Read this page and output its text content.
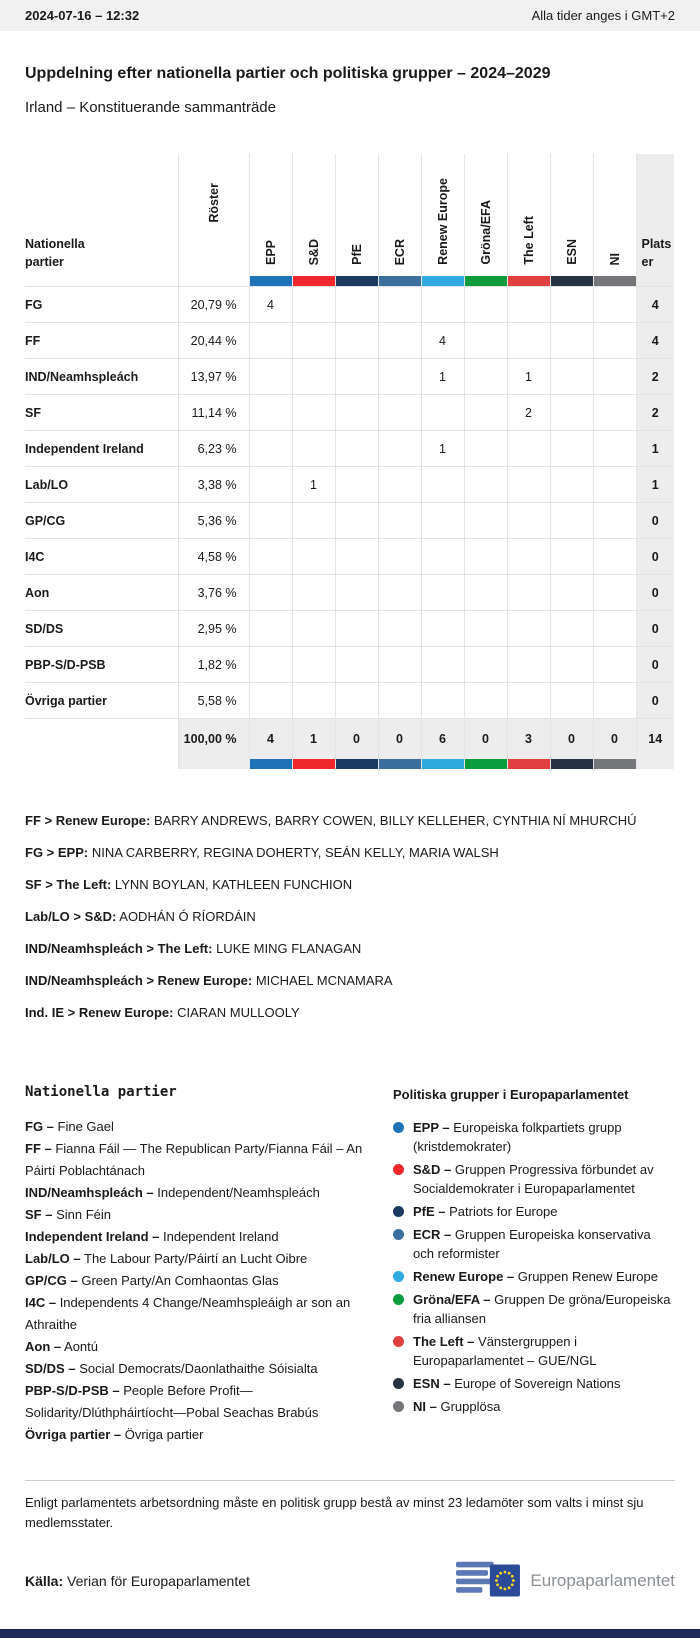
2024-07-16 – 12:32	Alla tider anges i GMT+2
Uppdelning efter nationella partier och politiska grupper – 2024–2029
Irland – Konstituerande sammanträde
Nationella partier	Röster	EPP	S&D	PfE	ECR	Renew Europe	Gröna/EFA	The Left	ESN	NI	Platser

FG	20,79 %	4									4
FF	20,44 %					4					4
IND/Neamhspleách	13,97 %					1		1			2
SF	11,14 %							2			2
Independent Ireland	6,23 %					1					1
Lab/LO	3,38 %		1								1
GP/CG	5,36 %										0
I4C	4,58 %										0
Aon	3,76 %										0
SD/DS	2,95 %										0
PBP-S/D-PSB	1,82 %										0
Övriga partier	5,58 %										0
	100,00 %	4	1	0	0	6	0	3	0	0	14

FF > Renew Europe: BARRY ANDREWS, BARRY COWEN, BILLY KELLEHER, CYNTHIA NÍ MHURCHÚ
FG > EPP: NINA CARBERRY, REGINA DOHERTY, SEÁN KELLY, MARIA WALSH
SF > The Left: LYNN BOYLAN, KATHLEEN FUNCHION
Lab/LO > S&D: AODHÁN Ó RÍORDÁIN
IND/Neamhspleách > The Left: LUKE MING FLANAGAN
IND/Neamhspleách > Renew Europe: MICHAEL MCNAMARA
Ind. IE > Renew Europe: CIARAN MULLOOLY
Nationella partier
FG – Fine Gael
FF – Fianna Fáil — The Republican Party/Fianna Fáil – An Páirtí Poblachtánach
IND/Neamhspleách – Independent/Neamhspleách
SF – Sinn Féin
Independent Ireland – Independent Ireland
Lab/LO – The Labour Party/Páirtí an Lucht Oibre
GP/CG – Green Party/An Comhaontas Glas
I4C – Independents 4 Change/Neamhspleáigh ar son an Athraithe
Aon – Aontú
SD/DS – Social Democrats/Daonlathaithe Sóisialta
PBP-S/D-PSB – People Before Profit—Solidarity/Dlúthpháirtíocht—Pobal Seachas Brabús
Övriga partier – Övriga partier
Politiska grupper i Europaparlamentet
EPP – Europeiska folkpartiets grupp (kristdemokrater)
S&D – Gruppen Progressiva förbundet av Socialdemokrater i Europaparlamentet
PfE – Patriots for Europe
ECR – Gruppen Europeiska konservativa och reformister
Renew Europe – Gruppen Renew Europe
Gröna/EFA – Gruppen De gröna/Europeiska fria alliansen
The Left – Vänstergruppen i Europaparlamentet – GUE/NGL
ESN – Europe of Sovereign Nations
NI – Grupplösa
Enligt parlamentets arbetsordning måste en politisk grupp bestå av minst 23 ledamöter som valts i minst sju medlemsstater.
Källa: Verian för Europaparlamentet	Europaparlamentet
